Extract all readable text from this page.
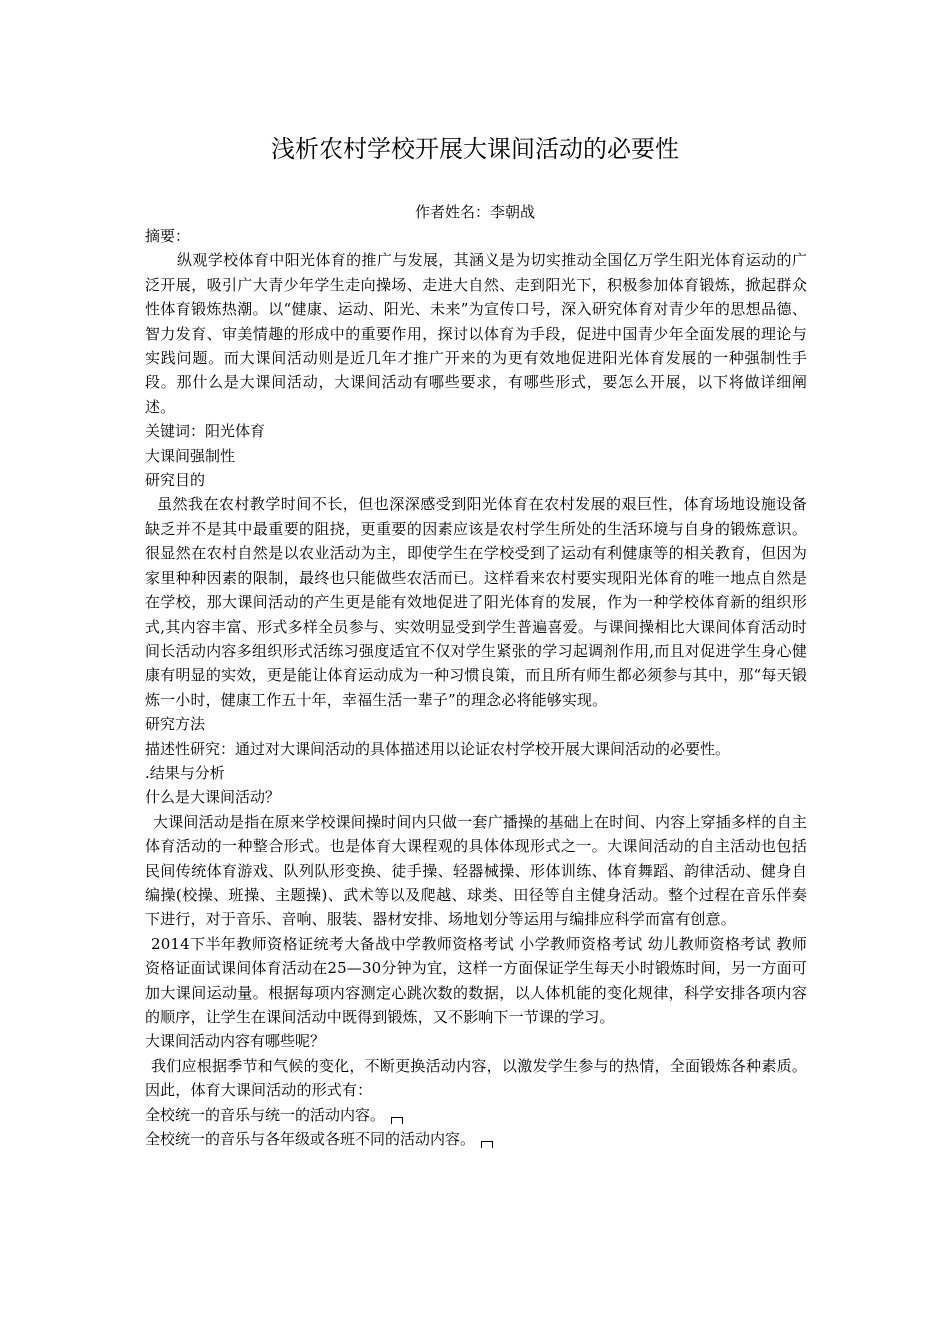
浅析农村学校开展大课间活动的必要性
作者姓名：李朝战

摘要：

纵观学校体育中阳光体育的推广与发展，其涵义是为切实推动全国亿万学生阳光体育运动的广泛开展，吸引广大青少年学生走向操场、走进大自然、走到阳光下，积极参加体育锻炼，掀起群众性体育锻炼热潮。以“健康、运动、阳光、未来”为宣传口号，深入研究体育对青少年的思想品德、智力发育、审美情趣的形成中的重要作用，探讨以体育为手段，促进中国青少年全面发展的理论与实践问题。而大课间活动则是近几年才推广开来的为更有效地促进阳光体育发展的一种强制性手段。那什么是大课间活动，大课间活动有哪些要求，有哪些形式，要怎么开展，以下将做详细阐述。

关键词：阳光体育

大课间强制性

研究目的

虽然我在农村教学时间不长，但也深深感受到阳光体育在农村发展的艰巨性，体育场地设施设备缺乏并不是其中最重要的阻挠，更重要的因素应该是农村学生所处的生活环境与自身的锻炼意识。很显然在农村自然是以农业活动为主，即使学生在学校受到了运动有利健康等的相关教育，但因为家里种种因素的限制，最终也只能做些农活而已。这样看来农村要实现阳光体育的唯一地点自然是在学校，那大课间活动的产生更是能有效地促进了阳光体育的发展，作为一种学校体育新的组织形式,其内容丰富、形式多样全员参与、实效明显受到学生普遍喜爱。与课间操相比大课间体育活动时间长活动内容多组织形式活练习强度适宜不仅对学生紧张的学习起调剂作用,而且对促进学生身心健康有明显的实效，更是能让体育运动成为一种习惯良策，而且所有师生都必须参与其中，那“每天锻炼一小时，健康工作五十年，幸福生活一辈子”的理念必将能够实现。

研究方法

描述性研究：通过对大课间活动的具体描述用以论证农村学校开展大课间活动的必要性。

.结果与分析

什么是大课间活动？

大课间活动是指在原来学校课间操时间内只做一套广播操的基础上在时间、内容上穿插多样的自主体育活动的一种整合形式。也是体育大课程观的具体体现形式之一。大课间活动的自主活动也包括民间传统体育游戏、队列队形变换、徒手操、轻器械操、形体训练、体育舞蹈、韵律活动、健身自编操(校操、班操、主题操)、武术等以及爬越、球类、田径等自主健身活动。整个过程在音乐伴奏下进行，对于音乐、音响、服装、器材安排、场地划分等运用与编排应科学而富有创意。

2014下半年教师资格证统考大备战中学教师资格考试 小学教师资格考试 幼儿教师资格考试 教师资格证面试课间体育活动在25—30分钟为宜，这样一方面保证学生每天小时锻炼时间，另一方面可加大课间运动量。根据每项内容测定心跳次数的数据，以人体机能的变化规律，科学安排各项内容的顺序，让学生在课间活动中既得到锻炼，又不影响下一节课的学习。

大课间活动内容有哪些呢？

我们应根据季节和气候的变化，不断更换活动内容，以激发学生参与的热情，全面锻炼各种素质。因此，体育大课间活动的形式有：

全校统一的音乐与统一的活动内容。

全校统一的音乐与各年级或各班不同的活动内容。
